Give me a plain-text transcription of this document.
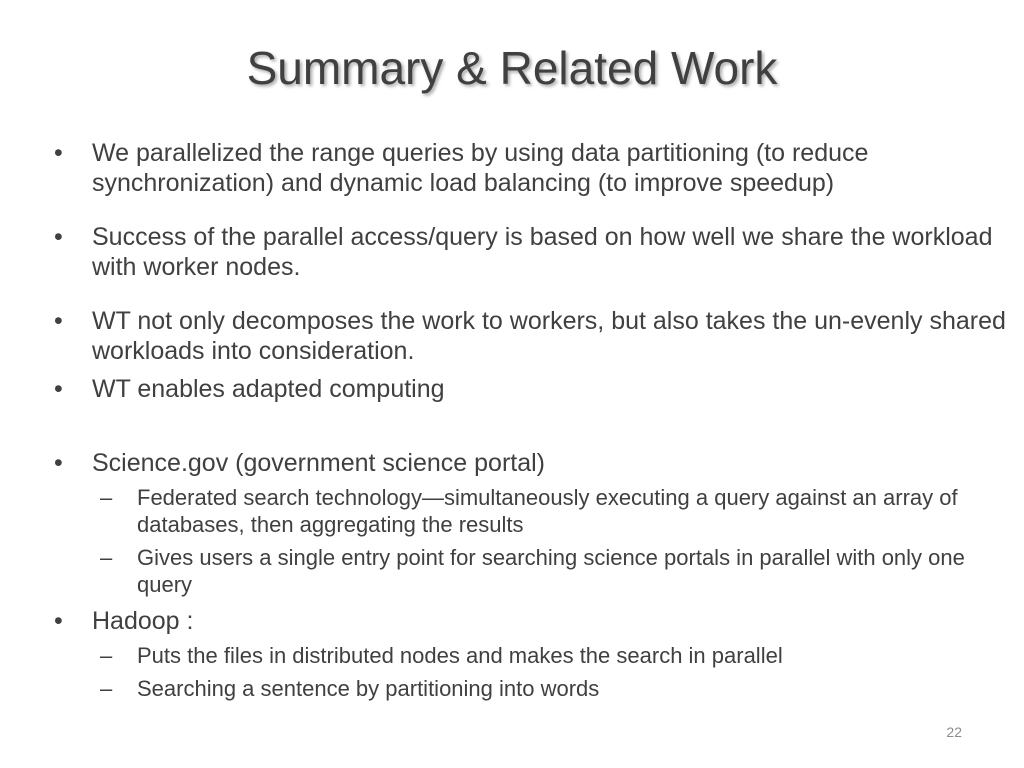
Summary & Related Work
•	We parallelized the range queries by using data partitioning (to reduce synchronization) and dynamic load balancing (to improve speedup)
•	Success of the parallel access/query is based on how well we share the workload with worker nodes.
•	WT not only decomposes the work to workers, but also takes the un-evenly shared workloads into consideration.
•	WT enables adapted computing
•	Science.gov (government science portal)
– Federated search technology—simultaneously executing a query against an array of databases, then aggregating the results
– Gives users a single entry point for searching science portals in parallel with only one query
•	Hadoop :
– Puts the files in distributed nodes and makes the search in parallel
– Searching a sentence by partitioning into words
22
